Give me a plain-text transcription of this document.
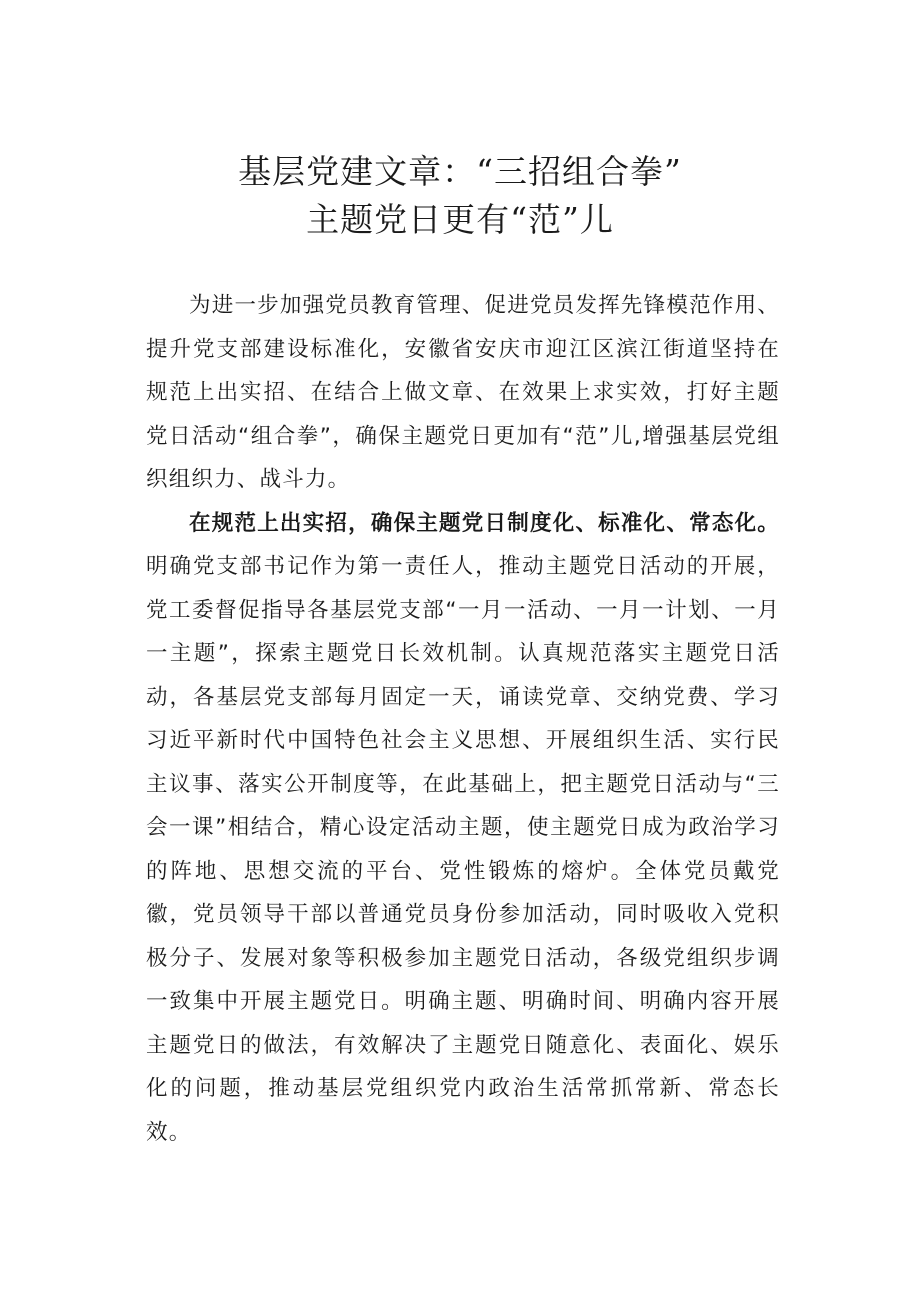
基层党建文章：“三招组合拳”
主题党日更有“范”儿

为进一步加强党员教育管理、促进党员发挥先锋模范作用、提升党支部建设标准化，安徽省安庆市迎江区滨江街道坚持在规范上出实招、在结合上做文章、在效果上求实效，打好主题党日活动“组合拳”，确保主题党日更加有“范”儿,增强基层党组织组织力、战斗力。

在规范上出实招，确保主题党日制度化、标准化、常态化。明确党支部书记作为第一责任人，推动主题党日活动的开展，党工委督促指导各基层党支部“一月一活动、一月一计划、一月一主题”，探索主题党日长效机制。认真规范落实主题党日活动，各基层党支部每月固定一天，诵读党章、交纳党费、学习习近平新时代中国特色社会主义思想、开展组织生活、实行民主议事、落实公开制度等，在此基础上，把主题党日活动与“三会一课”相结合，精心设定活动主题，使主题党日成为政治学习的阵地、思想交流的平台、党性锻炼的熔炉。全体党员戴党徽，党员领导干部以普通党员身份参加活动，同时吸收入党积极分子、发展对象等积极参加主题党日活动，各级党组织步调一致集中开展主题党日。明确主题、明确时间、明确内容开展主题党日的做法，有效解决了主题党日随意化、表面化、娱乐化的问题，推动基层党组织党内政治生活常抓常新、常态长效。
